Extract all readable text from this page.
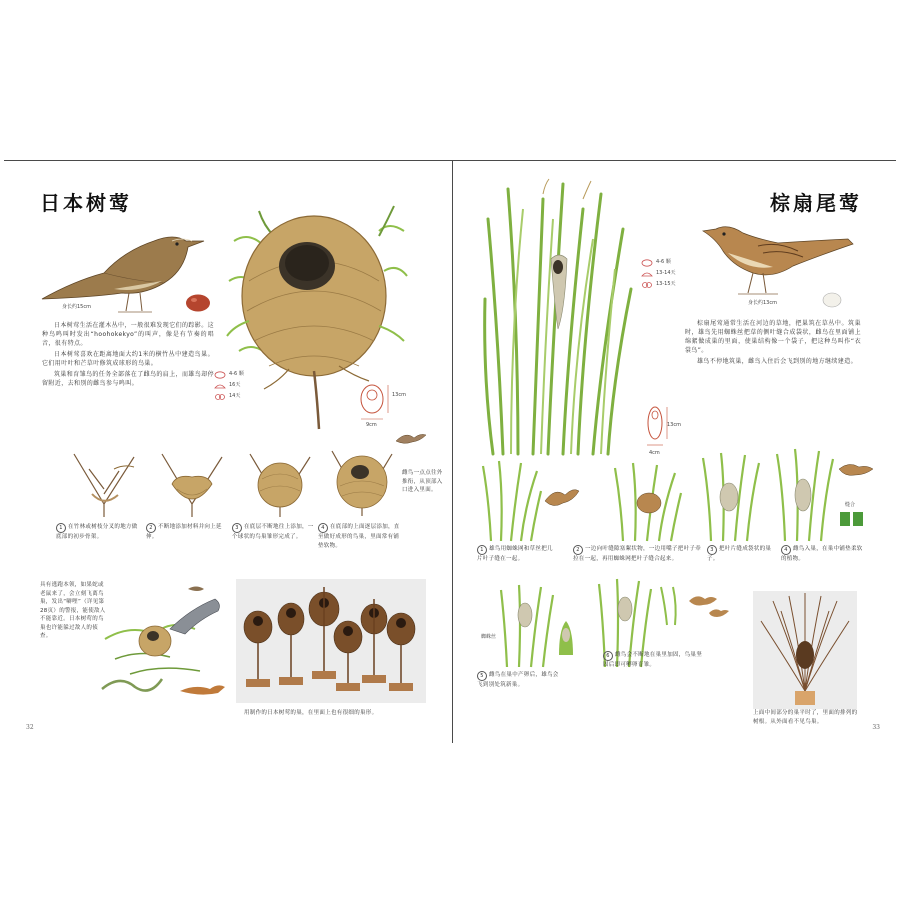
日本树莺
身长约15cm
4-6 颗
16天
14天	13cm
9cm

日本树莺生活在灌木丛中，一般很难发现它们的踪影。这种鸟鸣叫时发出“hoohokekyo”的叫声，像是有节奏的唱音，很有特点。

日本树莺喜欢在距离地面大约1米的横竹丛中建造鸟巢。它们用叶叶和芒草叶修筑成球形的鸟巢。

筑巢和育雏鸟的任务全部落在了雌鸟的肩上，而雄鸟却停留附近，去和别的雌鸟参与鸣叫。

雌鸟一点点往外推衔，从顶部入口进入里面。
1 在竹林或树枝分叉的地方做底部的初步骨架。
2 不断地添加材料并向上延伸。
3 在底层不断地往上添加，一个球状的鸟巢雏形完成了。
4 在底部的上面逐层添加，直至做好成形的鸟巢，里面常有铺垫软物。
具有逃跑本领，如果蛇或老鼠来了，会立刻飞离鸟巢，发出“噼哩”（详见第28页）的警报，能使敌人不能靠近。日本树莺的鸟巢也许能躲过敌人的侦查。
用制作的日本树莺的巢，在里面上也有很细的巢形。
32
棕扇尾莺
4-6 颗
13-14天
13-15天
身长约13cm

棕扇尾莺通常生活在河边的草地，把巢筑在草丛中。筑巢时，雄鸟先用蜘蛛丝把草的侧叶缝合成袋状，雌鸟在里面铺上绵絮做成巢的里面，使巢结构像一个袋子，把这种鸟叫作“衣裳鸟”。

雄鸟不停地筑巢，雌鸟入住后会飞到别的地方继续建造。

13cm
4cm
缝合
1 雄鸟用蜘蛛网和草丝把几片叶子缝在一起。
2 一边向叶缝隙塞絮状物，一边用嘴子把叶子牵拉在一起，再用蜘蛛网把叶子缝合起来。
3 把叶片缝成袋状的巢子。
4 雌鸟入巢，在巢中铺垫柔软的植物。
蜘蛛丝
5 雌鸟在巢中产卵后，雄鸟会飞到别处筑新巢。
6 雌鸟会不断地在巢里加固，鸟巢坚固后即可孵卵育雏。
上面中间部分的巢平时了，里面的排列的树根。从外面看不见鸟巢。
33
